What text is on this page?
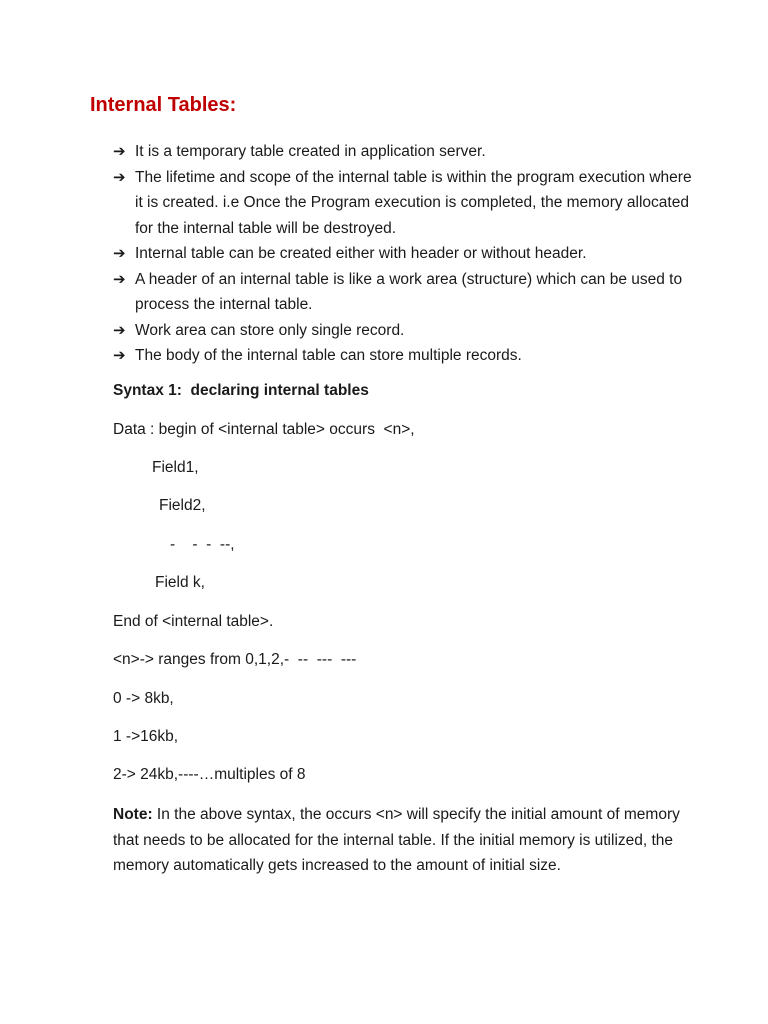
Internal Tables:
➔ It is a temporary table created in application server.
➔ The lifetime and scope of the internal table is within the program execution where it is created. i.e Once the Program execution is completed, the memory allocated for the internal table will be destroyed.
➔ Internal table can be created either with header or without header.
➔ A header of an internal table is like a work area (structure) which can be used to process the internal table.
➔ Work area can store only single record.
➔ The body of the internal table can store multiple records.

Syntax 1:  declaring internal tables

Data : begin of <internal table> occurs  <n>,

Field1,

Field2,

-    -  -  --,

Field k,

End of <internal table>.

<n>-> ranges from 0,1,2,-  --  ---  ---

0 -> 8kb,

1 ->16kb,

2-> 24kb,----…multiples of 8

Note: In the above syntax, the occurs <n> will specify the initial amount of memory that needs to be allocated for the internal table. If the initial memory is utilized, the memory automatically gets increased to the amount of initial size.
